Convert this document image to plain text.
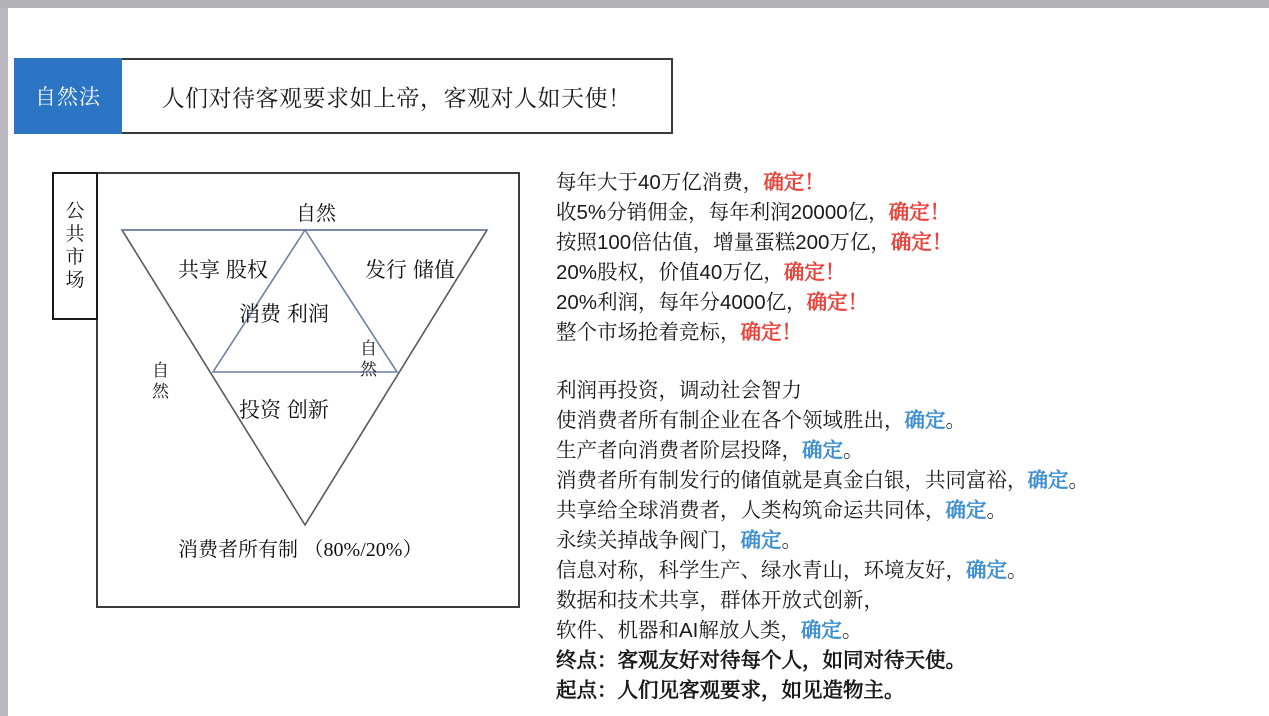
自然法	人们对待客观要求如上帝，客观对人如天使！
公
共
市
场
自然
共享 股权	发行 储值
消费 利润
投资 创新
自
然
自
然
消费者所有制 （80%/20%）
每年大于40万亿消费，确定！
收5%分销佣金，每年利润20000亿，确定！
按照100倍估值，增量蛋糕200万亿，确定！
20%股权，价值40万亿，确定！
20%利润，每年分4000亿，确定！
整个市场抢着竞标，确定！
利润再投资，调动社会智力
使消费者所有制企业在各个领域胜出，确定。
生产者向消费者阶层投降，确定。
消费者所有制发行的储值就是真金白银，共同富裕，确定。
共享给全球消费者，人类构筑命运共同体，确定。
永续关掉战争阀门，确定。
信息对称，科学生产、绿水青山，环境友好，确定。
数据和技术共享，群体开放式创新，
软件、机器和AI解放人类，确定。
终点：客观友好对待每个人，如同对待天使。
起点：人们见客观要求，如见造物主。
